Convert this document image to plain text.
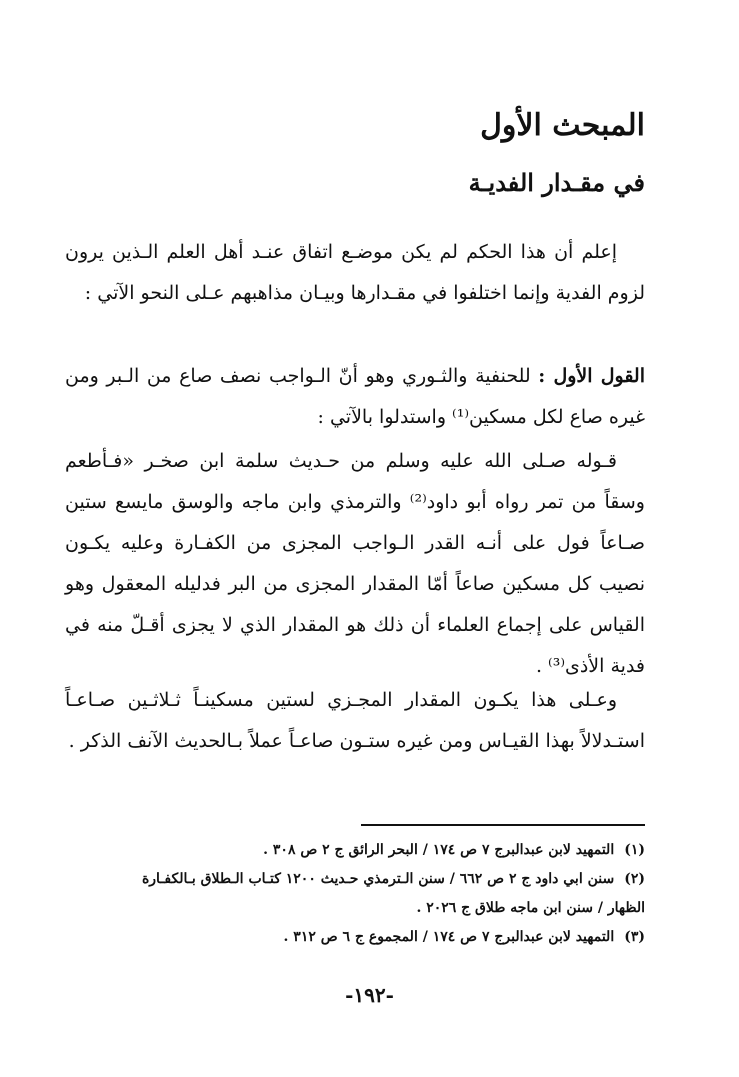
المبحث الأول
في مقـدار الفديـة

إعلم أن هذا الحكم لم يكن موضـع اتفاق عنـد أهل العلم الـذين يرون لزوم الفدية وإنما اختلفوا في مقـدارها وبيـان مذاهبهم عـلى النحو الآتي :

القول الأول : للحنفية والثـوري وهو أنّ الـواجب نصف صاع من الـبر ومن غيره صاع لكل مسكين⁽¹⁾ واستدلوا بالآتي :

قـوله صـلى الله عليه وسلم من حـديث سلمة ابن صخـر «فـأطعم وسقاً من تمر رواه أبو داود⁽²⁾ والترمذي وابن ماجه والوسق مايسع ستين صـاعاً فول على أنـه القدر الـواجب المجزى من الكفـارة وعليه يكـون نصيب كل مسكين صاعاً أمّا المقدار المجزى من البر فدليله المعقول وهو القياس على إجماع العلماء أن ذلك هو المقدار الذي لا يجزى أقـلّ منه في فدية الأذى⁽³⁾ .

وعـلى هذا يكـون المقدار المجـزي لستين مسكينـاً ثـلاثـين صـاعـاً استـدلالاً بهذا القيـاس ومن غيره ستـون صاعـاً عملاً بـالحديث الآنف الذكر .

(١)التمهيد لابن عبدالبرج ٧ ص ١٧٤ / البحر الرائق ج ٢ ص ٣٠٨ .
(٢)سنن ابي داود ج ٢ ص ٦٦٢ / سنن الـترمذي حـديث ١٢٠٠ كتـاب الـطلاق بـالكفـارة
الظهار / سنن ابن ماجه طلاق ج ٢٠٢٦ .
(٣)التمهيد لابن عبدالبرج ٧ ص ١٧٤ / المجموع ج ٦ ص ٣١٢ .
-١٩٢-
